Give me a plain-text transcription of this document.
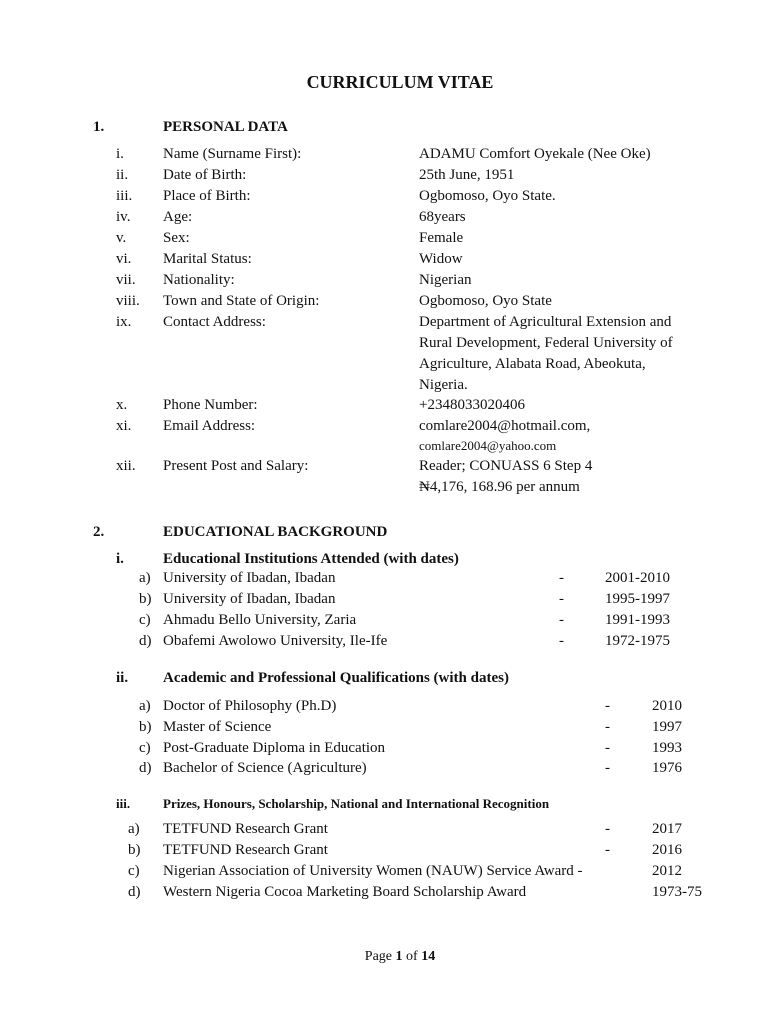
CURRICULUM VITAE
1.	PERSONAL DATA
i.	Name (Surname First):	ADAMU Comfort Oyekale (Nee Oke)
ii. Date of Birth:	25th June, 1951
iii. Place of Birth:	Ogbomoso, Oyo State.
iv. Age:	68years
v. Sex:	Female
vi. Marital Status:	Widow
vii. Nationality:	Nigerian
viii. Town and State of Origin:	Ogbomoso, Oyo State
ix. Contact Address:	Department of Agricultural Extension and
Rural Development, Federal University of
Agriculture, Alabata Road, Abeokuta,
Nigeria.
x. Phone Number:	+2348033020406
xi. Email Address:	comlare2004@hotmail.com,
comlare2004@yahoo.com
xii. Present Post and Salary:	Reader; CONUASS 6 Step 4
₦4,176, 168.96 per annum
2.	EDUCATIONAL BACKGROUND
i.	Educational Institutions Attended (with dates)
a) University of Ibadan, Ibadan	-	2001-2010
b) University of Ibadan, Ibadan	-	1995-1997
c) Ahmadu Bello University, Zaria	-	1991-1993
d) Obafemi Awolowo University, Ile-Ife	-	1972-1975
ii. Academic and Professional Qualifications (with dates)
a) Doctor of Philosophy (Ph.D)	-	2010
b) Master of Science	-	1997
c) Post-Graduate Diploma in Education	-	1993
d) Bachelor of Science (Agriculture)	-	1976
iii.	Prizes, Honours, Scholarship, National and International Recognition
a) TETFUND Research Grant	-	2017
b) TETFUND Research Grant	-	2016
c) Nigerian Association of University Women (NAUW) Service Award -	2012
d) Western Nigeria Cocoa Marketing Board Scholarship Award	1973-75
Page 1 of 14
